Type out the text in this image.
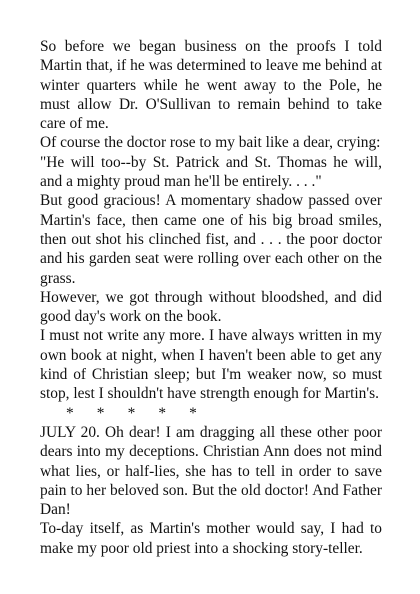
So before we began business on the proofs I told Martin that, if he was determined to leave me behind at winter quarters while he went away to the Pole, he must allow Dr. O'Sullivan to remain behind to take care of me.

Of course the doctor rose to my bait like a dear, crying:

"He will too--by St. Patrick and St. Thomas he will, and a mighty proud man he'll be entirely. . . ."

But good gracious! A momentary shadow passed over Martin's face, then came one of his big broad smiles, then out shot his clinched fist, and . . . the poor doctor and his garden seat were rolling over each other on the grass.

However, we got through without bloodshed, and did good day's work on the book.

I must not write any more. I have always written in my own book at night, when I haven't been able to get any kind of Christian sleep; but I'm weaker now, so must stop, lest I shouldn't have strength enough for Martin's.

*      *      *      *      *

JULY 20. Oh dear! I am dragging all these other poor dears into my deceptions. Christian Ann does not mind what lies, or half-lies, she has to tell in order to save pain to her beloved son. But the old doctor! And Father Dan!

To-day itself, as Martin's mother would say, I had to make my poor old priest into a shocking story-teller.
